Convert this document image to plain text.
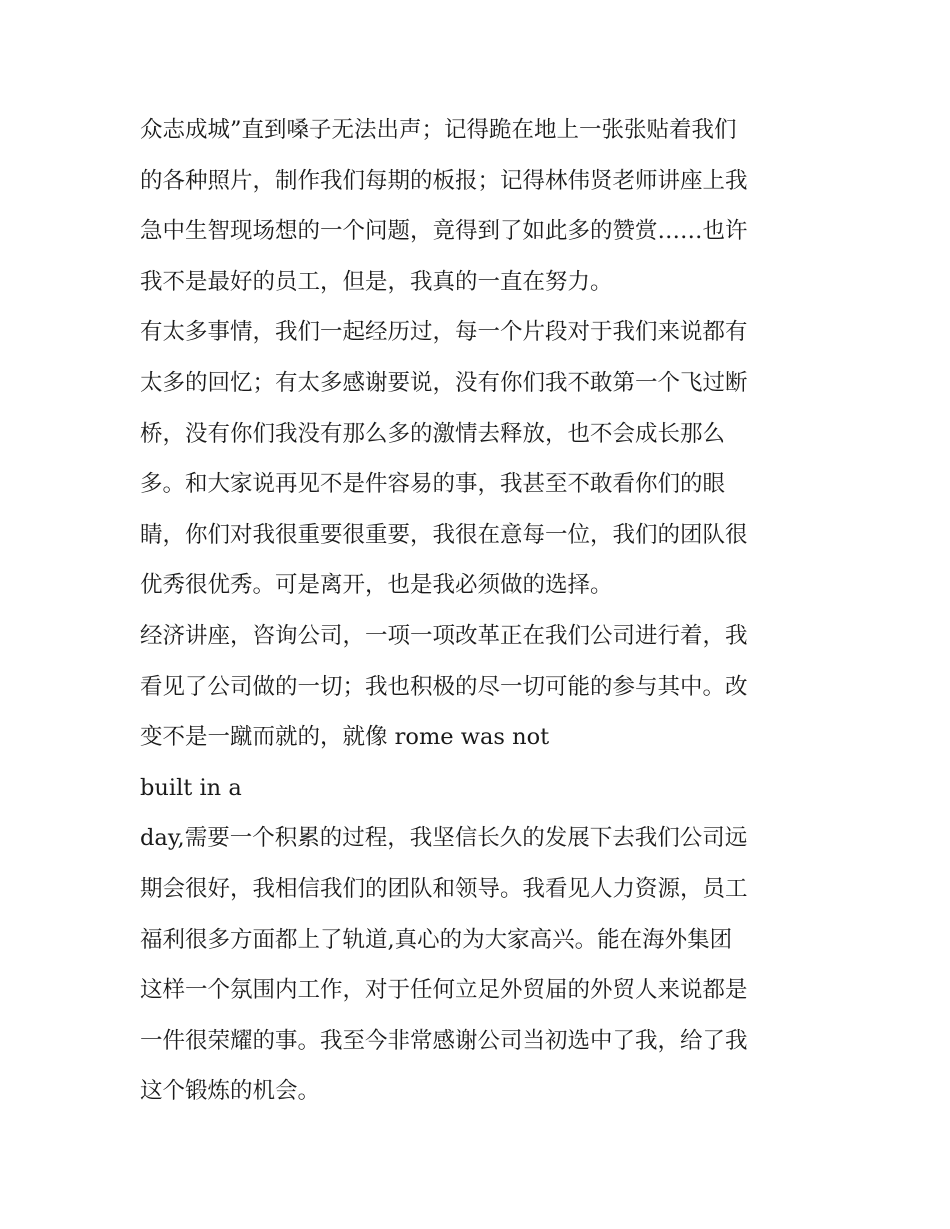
众志成城”直到嗓子无法出声；记得跪在地上一张张贴着我们
的各种照片，制作我们每期的板报；记得林伟贤老师讲座上我
急中生智现场想的一个问题，竟得到了如此多的赞赏……也许
我不是最好的员工，但是，我真的一直在努力。
有太多事情，我们一起经历过，每一个片段对于我们来说都有
太多的回忆；有太多感谢要说，没有你们我不敢第一个飞过断
桥，没有你们我没有那么多的激情去释放，也不会成长那么
多。和大家说再见不是件容易的事，我甚至不敢看你们的眼
睛，你们对我很重要很重要，我很在意每一位，我们的团队很
优秀很优秀。可是离开，也是我必须做的选择。
经济讲座，咨询公司，一项一项改革正在我们公司进行着，我
看见了公司做的一切；我也积极的尽一切可能的参与其中。改
变不是一蹴而就的，就像 rome was not
built in a
day,需要一个积累的过程，我坚信长久的发展下去我们公司远
期会很好，我相信我们的团队和领导。我看见人力资源，员工
福利很多方面都上了轨道,真心的为大家高兴。能在海外集团
这样一个氛围内工作，对于任何立足外贸届的外贸人来说都是
一件很荣耀的事。我至今非常感谢公司当初选中了我，给了我
这个锻炼的机会。
